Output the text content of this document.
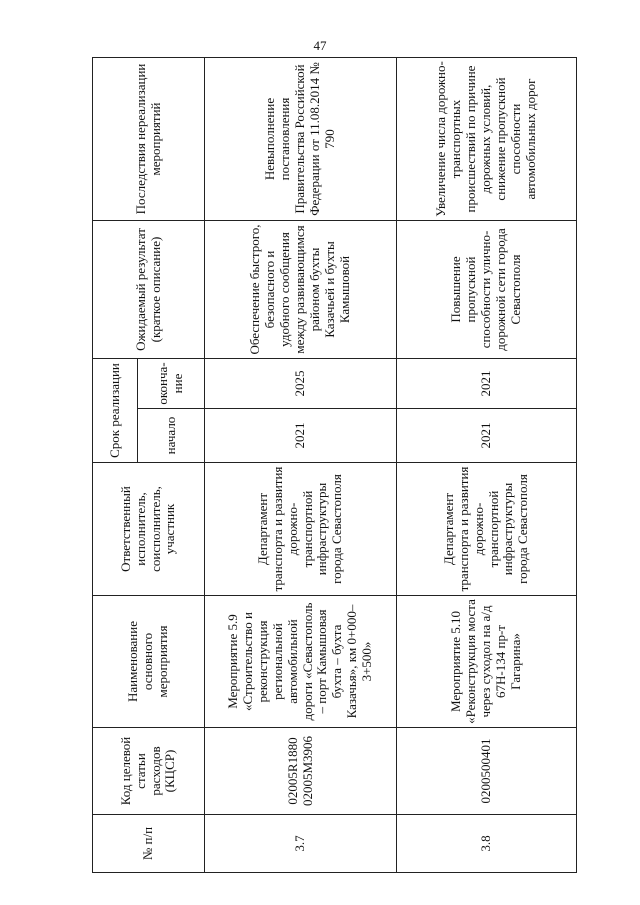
47
№ п/п	Код целевой статьи расходов (КЦСР)	Наименование основного мероприятия	Ответственный исполнитель, соисполнитель, участник	Срок реализации		Ожидаемый результат (краткое описание)	Последствия нереализации мероприятий
				начало	оконча-ние		
3.7	02005R1880 02005M3906	Мероприятие 5.9 «Строительство и реконструкция региональной автомобильной дороги «Севастополь – порт Камышовая бухта – бухта Казачья», км 0+000–3+500»	Департамент транспорта и развития дорожно-транспортной инфраструктуры города Севастополя	2021	2025	Обеспечение быстрого, безопасного и удобного сообщения между развивающимся районом бухты Казачьей и бухты Камышовой	Невыполнение постановления Правительства Российской Федерации от 11.08.2014 № 790
3.8	0200500401	Мероприятие 5.10 «Реконструкция моста через суходол на а/д 67Н-134 пр-т Гагарина»	Департамент транспорта и развития дорожно-транспортной инфраструктуры города Севастополя	2021	2021	Повышение пропускной способности улично-дорожной сети города Севастополя	Увеличение числа дорожно-транспортных происшествий по причине дорожных условий, снижение пропускной способности автомобильных дорог
